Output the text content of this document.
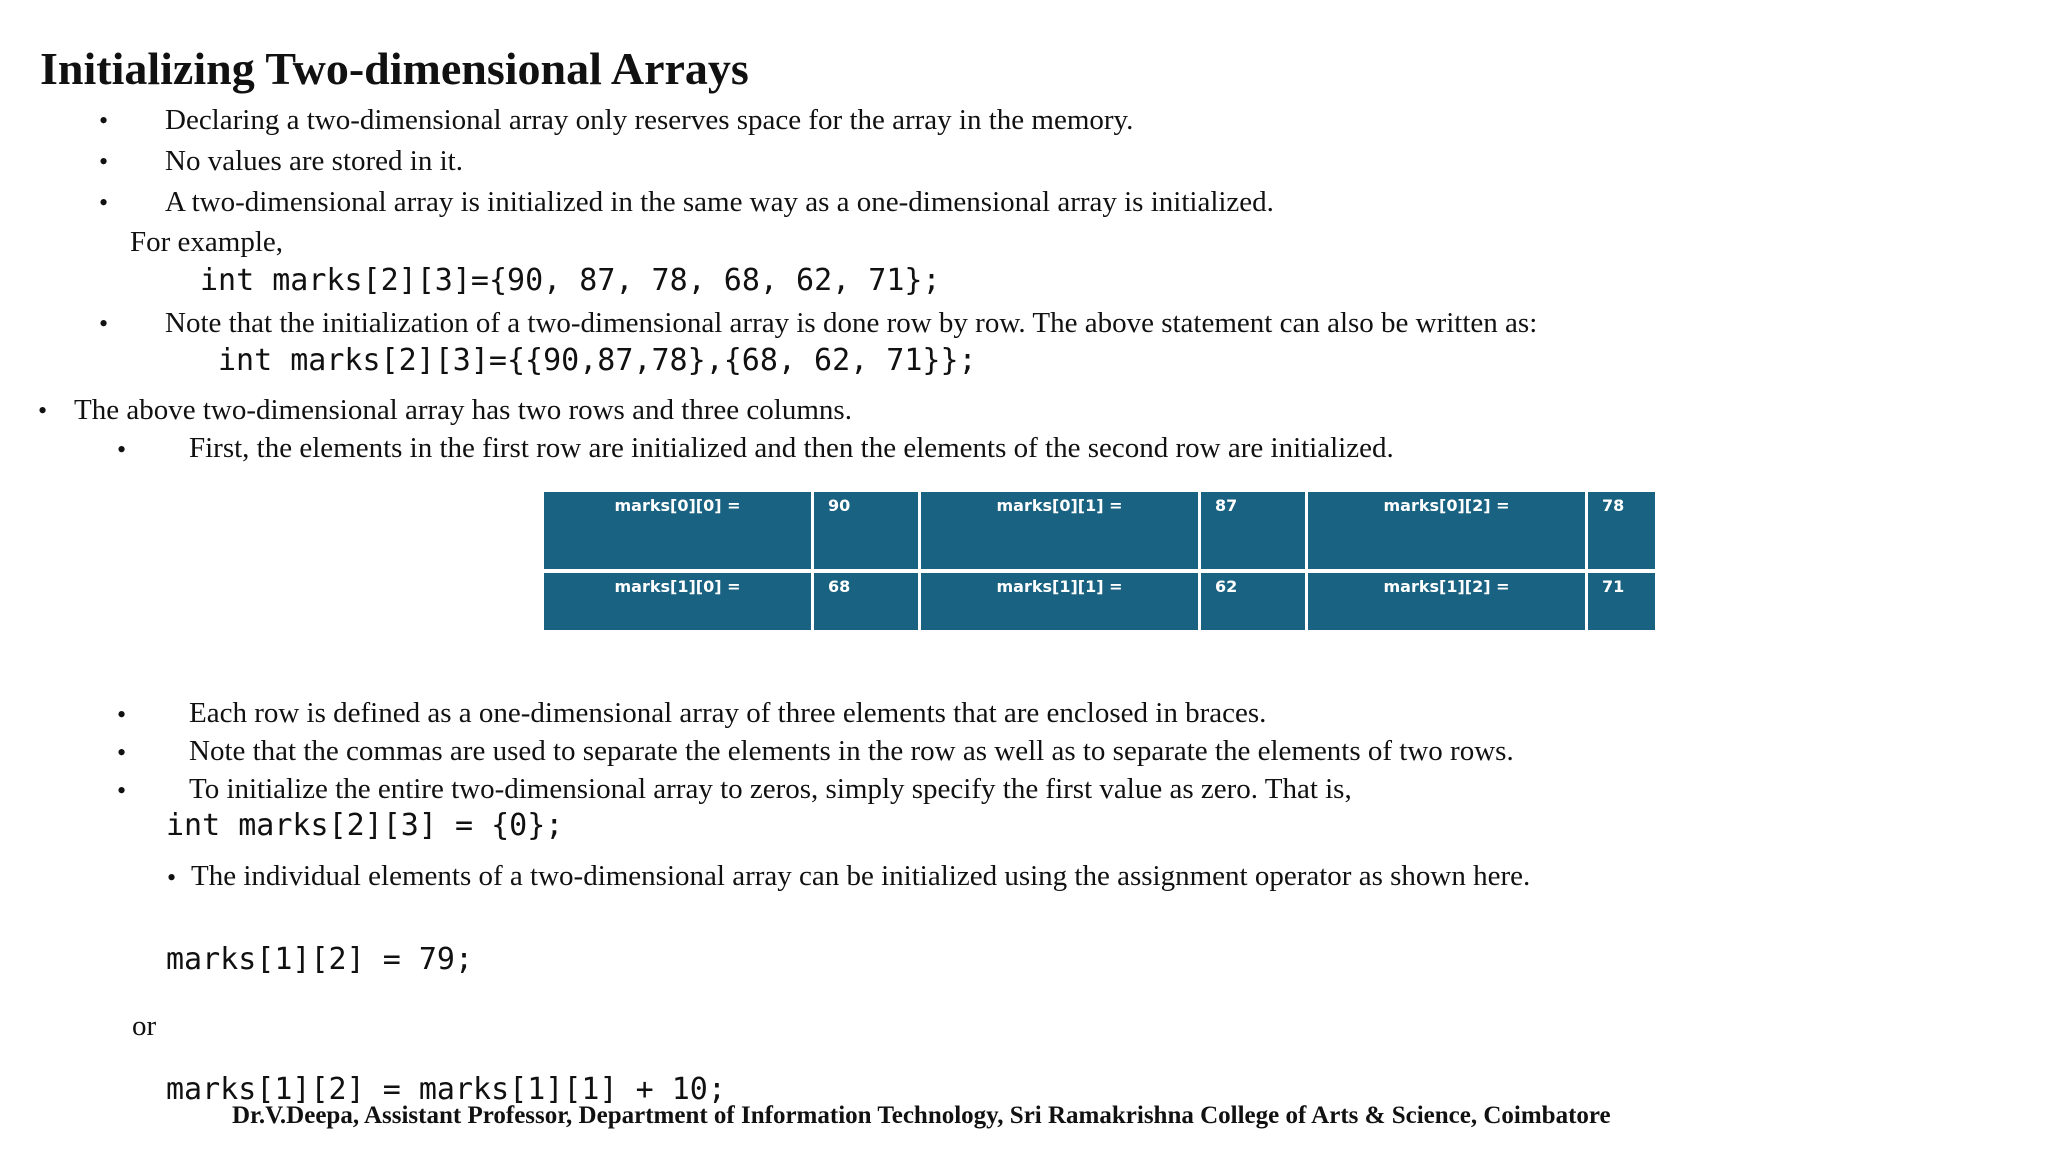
Initializing Two-dimensional Arrays
• Declaring a two-dimensional array only reserves space for the array in the memory.
• No values are stored in it.
• A two-dimensional array is initialized in the same way as a one-dimensional array is initialized.
For example,
int marks[2][3]={90, 87, 78, 68, 62, 71};
• Note that the initialization of a two-dimensional array is done row by row. The above statement can also be written as:
int marks[2][3]={{90,87,78},{68, 62, 71}};
• The above two-dimensional array has two rows and three columns.
• First, the elements in the first row are initialized and then the elements of the second row are initialized.
marks[0][0] =	90	marks[0][1] =	87	marks[0][2] =	78
marks[1][0] =	68	marks[1][1] =	62	marks[1][2] =	71
• Each row is defined as a one-dimensional array of three elements that are enclosed in braces.
• Note that the commas are used to separate the elements in the row as well as to separate the elements of two rows.
• To initialize the entire two-dimensional array to zeros, simply specify the first value as zero. That is,
int marks[2][3] = {0};
• The individual elements of a two-dimensional array can be initialized using the assignment operator as shown here.
marks[1][2] = 79;
or
marks[1][2] = marks[1][1] + 10;
Dr.V.Deepa, Assistant Professor, Department of Information Technology, Sri Ramakrishna College of Arts & Science, Coimbatore
